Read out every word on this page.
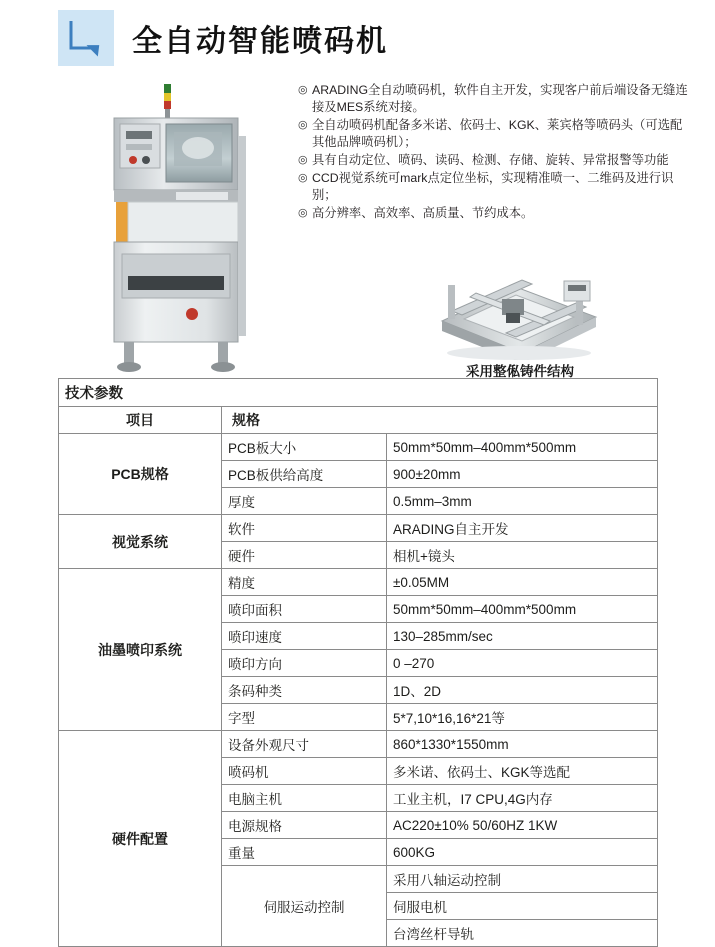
全自动智能喷码机
◎ ARADING全自动喷码机，软件自主开发，实现客户前后端设备无缝连接及MES系统对接。
◎ 全自动喷码机配备多米诺、依码士、KGK、莱宾格等喷码头（可选配其他品牌喷码机）；
◎ 具有自动定位、喷码、读码、检测、存储、旋转、异常报警等功能
◎ CCD视觉系统可mark点定位坐标，实现精准喷一、二维码及进行识别；
◎ 高分辨率、高效率、高质量、节约成本。
采用整俬铸件结构
技术参数		
项目	规格	
PCB规格	PCB板大小	50mm*50mm–400mm*500mm
	PCB板供给高度	900±20mm
	厚度	0.5mm–3mm
视觉系统	软件	ARADING自主开发
	硬件	相机+镜头
油墨喷印系统	精度	±0.05MM
	喷印面积	50mm*50mm–400mm*500mm
	喷印速度	130–285mm/sec
	喷印方向	0 –270
	条码种类	1D、2D
	字型	5*7,10*16,16*21等
硬件配置	设备外观尺寸	860*1330*1550mm
	喷码机	多米诺、依码士、KGK等选配
	电脑主机	工业主机，I7 CPU,4G内存
	电源规格	AC220±10% 50/60HZ 1KW
	重量	600KG
	伺服运动控制	采用八轴运动控制
		伺服电机
		台湾丝杆导轨
